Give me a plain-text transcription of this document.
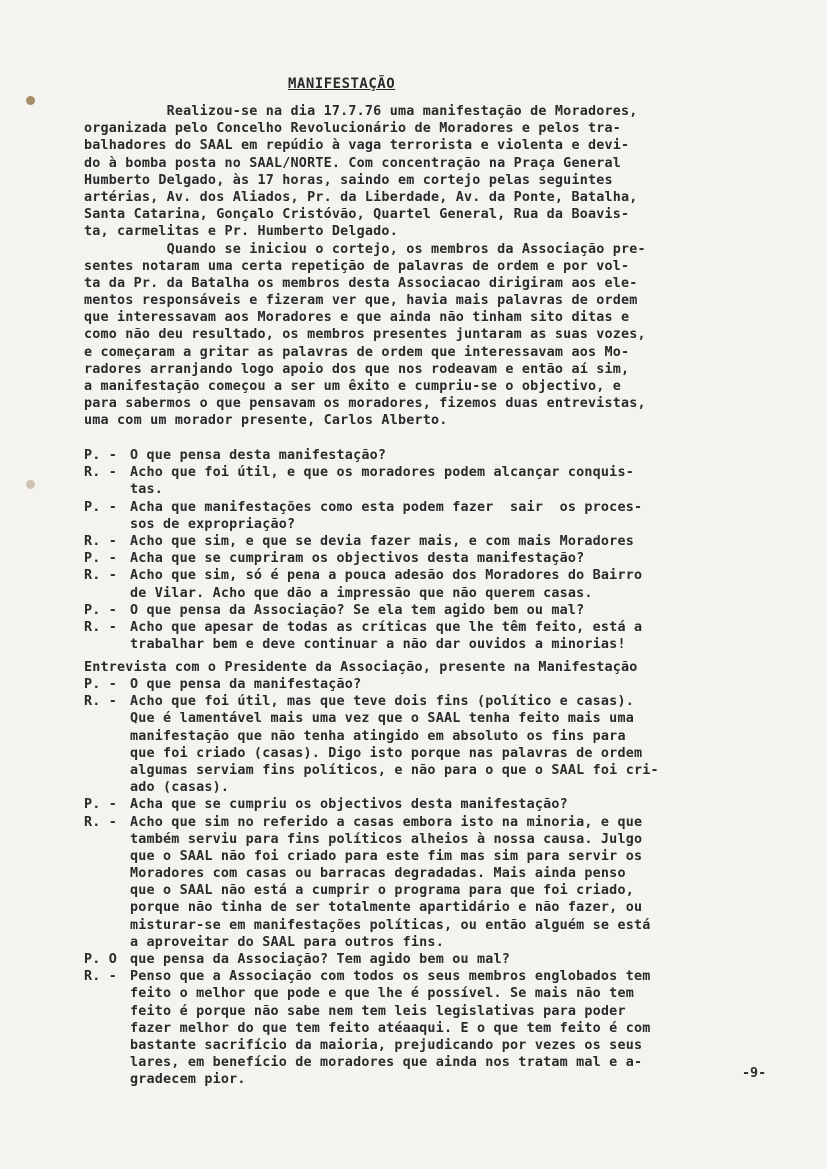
MANIFESTAÇÃO
Realizou-se na dia 17.7.76 uma manifestação de Moradores,
organizada pelo Concelho Revolucionário de Moradores e pelos tra-
balhadores do SAAL em repúdio à vaga terrorista e violenta e devi-
do à bomba posta no SAAL/NORTE. Com concentração na Praça General
Humberto Delgado, às 17 horas, saindo em cortejo pelas seguintes
artérias, Av. dos Aliados, Pr. da Liberdade, Av. da Ponte, Batalha,
Santa Catarina, Gonçalo Cristóvão, Quartel General, Rua da Boavis-
ta, carmelitas e Pr. Humberto Delgado.
Quando se iniciou o cortejo, os membros da Associação pre-
sentes notaram uma certa repetição de palavras de ordem e por vol-
ta da Pr. da Batalha os membros desta Associacao dirigiram aos ele-
mentos responsáveis e fizeram ver que, havia mais palavras de ordem
que interessavam aos Moradores e que ainda não tinham sito ditas e
como não deu resultado, os membros presentes juntaram as suas vozes,
e começaram a gritar as palavras de ordem que interessavam aos Mo-
radores arranjando logo apoio dos que nos rodeavam e então aí sim,
a manifestação começou a ser um êxito e cumpriu-se o objectivo, e
para sabermos o que pensavam os moradores, fizemos duas entrevistas,
uma com um morador presente, Carlos Alberto.
P. - O que pensa desta manifestação?
R. - Acho que foi útil, e que os moradores podem alcançar conquis-
tas.
P. - Acha que manifestações como esta podem fazer  sair  os proces-
sos de expropriação?
R. - Acho que sim, e que se devia fazer mais, e com mais Moradores
P. - Acha que se cumpriram os objectivos desta manifestação?
R. - Acho que sim, só é pena a pouca adesão dos Moradores do Bairro
de Vilar. Acho que dão a impressão que não querem casas.
P. - O que pensa da Associação? Se ela tem agido bem ou mal?
R. - Acho que apesar de todas as críticas que lhe têm feito, está a
trabalhar bem e deve continuar a não dar ouvidos a minorias!
Entrevista com o Presidente da Associação, presente na Manifestação
P. - O que pensa da manifestação?
R. - Acho que foi útil, mas que teve dois fins (político e casas).
Que é lamentável mais uma vez que o SAAL tenha feito mais uma
manifestação que não tenha atingido em absoluto os fins para
que foi criado (casas). Digo isto porque nas palavras de ordem
algumas serviam fins políticos, e não para o que o SAAL foi cri-
ado (casas).
P. - Acha que se cumpriu os objectivos desta manifestação?
R. - Acho que sim no referido a casas embora isto na minoria, e que
também serviu para fins políticos alheios à nossa causa. Julgo
que o SAAL não foi criado para este fim mas sim para servir os
Moradores com casas ou barracas degradadas. Mais ainda penso
que o SAAL não está a cumprir o programa para que foi criado,
porque não tinha de ser totalmente apartidário e não fazer, ou
misturar-se em manifestações políticas, ou então alguém se está
a aproveitar do SAAL para outros fins.
P. O que pensa da Associação? Tem agido bem ou mal?
R. - Penso que a Associação com todos os seus membros englobados tem
feito o melhor que pode e que lhe é possível. Se mais não tem
feito é porque não sabe nem tem leis legislativas para poder
fazer melhor do que tem feito atéaaqui. E o que tem feito é com
bastante sacrifício da maioria, prejudicando por vezes os seus
lares, em benefício de moradores que ainda nos tratam mal e a-
gradecem pior.	-9-
